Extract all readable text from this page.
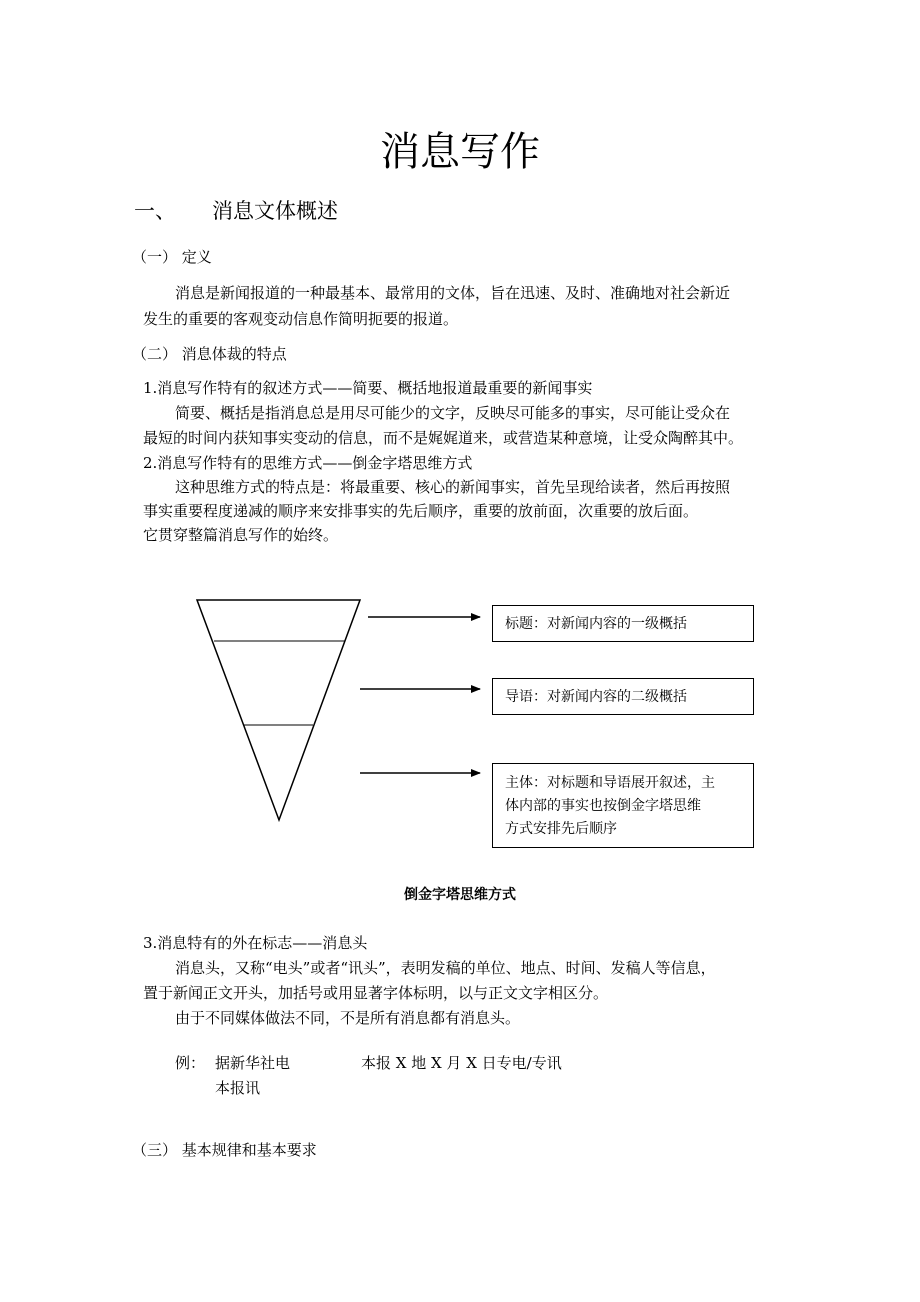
消息写作
一、 消息文体概述
（一） 定义
消息是新闻报道的一种最基本、最常用的文体，旨在迅速、及时、准确地对社会新近
发生的重要的客观变动信息作简明扼要的报道。
（二） 消息体裁的特点
1.消息写作特有的叙述方式——简要、概括地报道最重要的新闻事实
简要、概括是指消息总是用尽可能少的文字，反映尽可能多的事实，尽可能让受众在
最短的时间内获知事实变动的信息，而不是娓娓道来，或营造某种意境，让受众陶醉其中。
2.消息写作特有的思维方式——倒金字塔思维方式
这种思维方式的特点是：将最重要、核心的新闻事实，首先呈现给读者，然后再按照
事实重要程度递减的顺序来安排事实的先后顺序，重要的放前面，次重要的放后面。
它贯穿整篇消息写作的始终。
标题：对新闻内容的一级概括
导语：对新闻内容的二级概括
主体：对标题和导语展开叙述，主
体内部的事实也按倒金字塔思维
方式安排先后顺序
倒金字塔思维方式
3.消息特有的外在标志——消息头
消息头，又称“电头”或者“讯头”，表明发稿的单位、地点、时间、发稿人等信息，
置于新闻正文开头，加括号或用显著字体标明，以与正文文字相区分。
由于不同媒体做法不同，不是所有消息都有消息头。
例： 据新华社电	本报 X 地 X 月 X 日专电/专讯
本报讯
（三） 基本规律和基本要求
